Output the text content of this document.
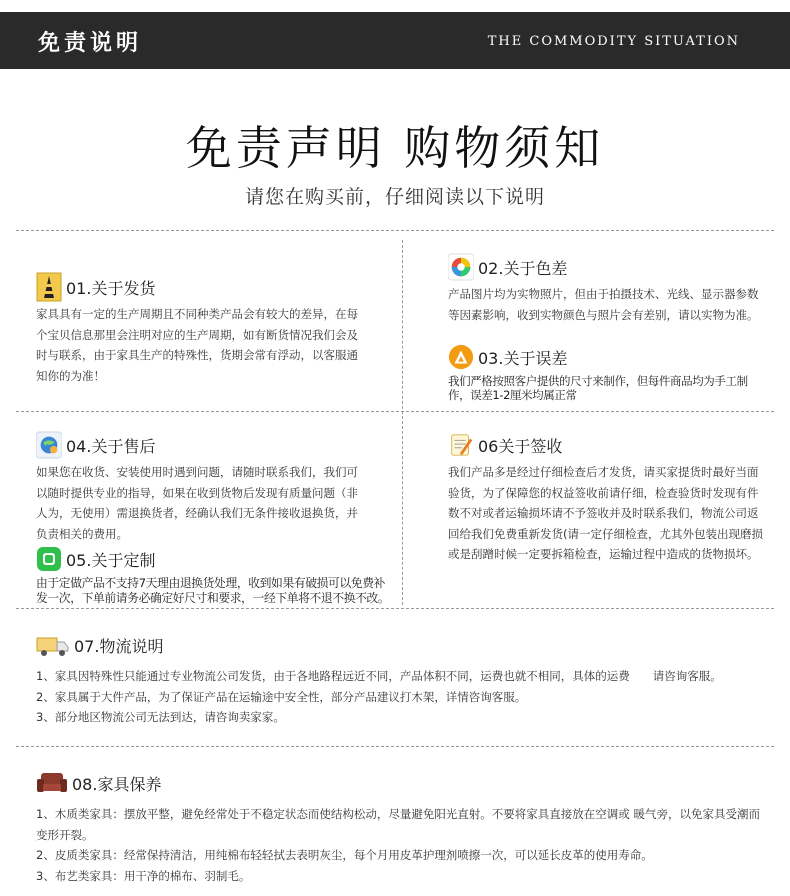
免责说明	THE COMMODITY SITUATION
免责声明 购物须知
请您在购买前，仔细阅读以下说明
01.关于发货
家具具有一定的生产周期且不同种类产品会有较大的差异，在每个宝贝信息那里会注明对应的生产周期，如有断货情况我们会及时与联系，由于家具生产的特殊性，货期会常有浮动，以客服通知你的为准！
02.关于色差
产品图片均为实物照片，但由于拍摄技术、光线、显示器参数等因素影响，收到实物颜色与照片会有差别，请以实物为准。
03.关于误差
我们严格按照客户提供的尺寸来制作，但每件商品均为手工制作，误差1-2厘米均属正常
04.关于售后
如果您在收货、安装使用时遇到问题，请随时联系我们，我们可以随时提供专业的指导，如果在收到货物后发现有质量问题（非人为，无使用）需退换货者，经确认我们无条件接收退换货，并负责相关的费用。
05.关于定制
由于定做产品不支持7天理由退换货处理，收到如果有破损可以免费补发一次，下单前请务必确定好尺寸和要求，一经下单将不退不换不改。
06关于签收
我们产品多是经过仔细检查后才发货，请买家提货时最好当面验货，为了保障您的权益签收前请仔细，检查验货时发现有件数不对或者运输损坏请不予签收并及时联系我们，物流公司返回给我们免费重新发货(请一定仔细检查，尤其外包装出现磨损或是刮蹭时候一定要拆箱检查，运输过程中造成的货物损坏。
07.物流说明
1、家具因特殊性只能通过专业物流公司发货，由于各地路程远近不同，产品体积不同，运费也就不相同，具体的运费　　请咨询客服。
2、家具属于大件产品，为了保证产品在运输途中安全性，部分产品建议打木架，详情咨询客服。
3、部分地区物流公司无法到达，请咨询卖家家。
08.家具保养
1、木质类家具：摆放平整，避免经常处于不稳定状态而使结构松动，尽量避免阳光直射。不要将家具直接放在空调或 暖气旁，以免家具受潮而变形开裂。
2、皮质类家具：经常保持清洁，用纯棉布轻轻拭去表明灰尘，每个月用皮革护理剂喷擦一次，可以延长皮革的使用寿命。
3、布艺类家具：用干净的棉布、羽制毛。
